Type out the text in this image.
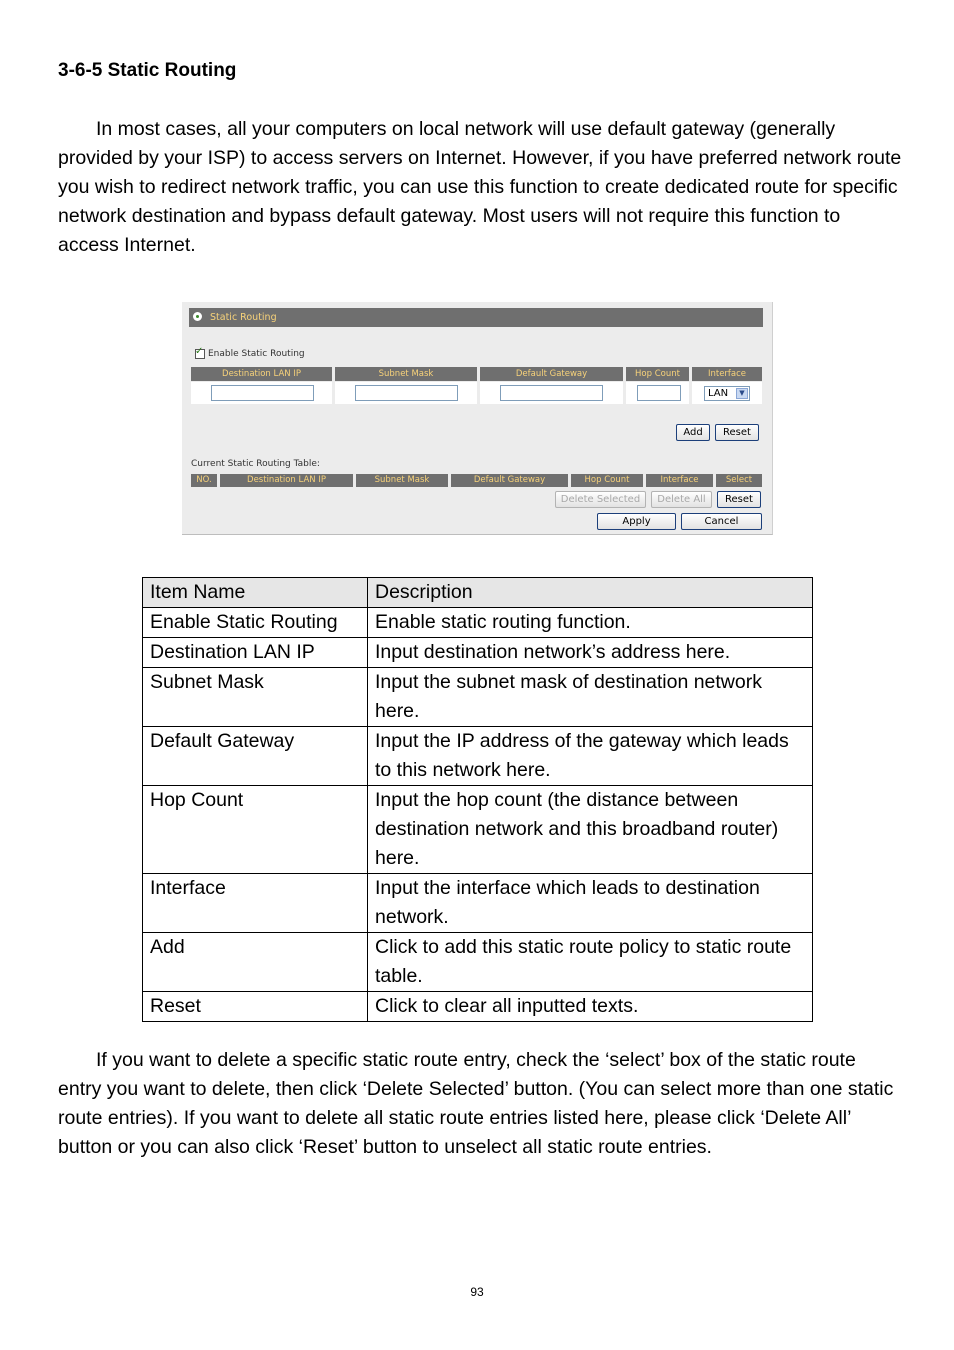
3-6-5 Static Routing

In most cases, all your computers on local network will use default gateway (generally provided by your ISP) to access servers on Internet. However, if you have preferred network route you wish to redirect network traffic, you can use this function to create dedicated route for specific network destination and bypass default gateway. Most users will not require this function to access Internet.

Static Routing
✓
Enable Static Routing
Destination LAN IP	Subnet Mask	Default Gateway	Hop Count	Interface
LAN	▼
Add	Reset
Current Static Routing Table:
NO.	Destination LAN IP	Subnet Mask	Default Gateway	Hop Count	Interface	Select
Delete Selected	Delete All	Reset
Apply	Cancel
Item Name	Description
Enable Static Routing	Enable static routing function.
Destination LAN IP	Input destination network’s address here.
Subnet Mask	Input the subnet mask of destination network here.
Default Gateway	Input the IP address of the gateway which leads to this network here.
Hop Count	Input the hop count (the distance between destination network and this broadband router) here.
Interface	Input the interface which leads to destination network.
Add	Click to add this static route policy to static route table.
Reset	Click to clear all inputted texts.

If you want to delete a specific static route entry, check the ‘select’ box of the static route entry you want to delete, then click ‘Delete Selected’ button. (You can select more than one static route entries). If you want to delete all static route entries listed here, please click ‘Delete All’ button or you can also click ‘Reset’ button to unselect all static route entries.

93
